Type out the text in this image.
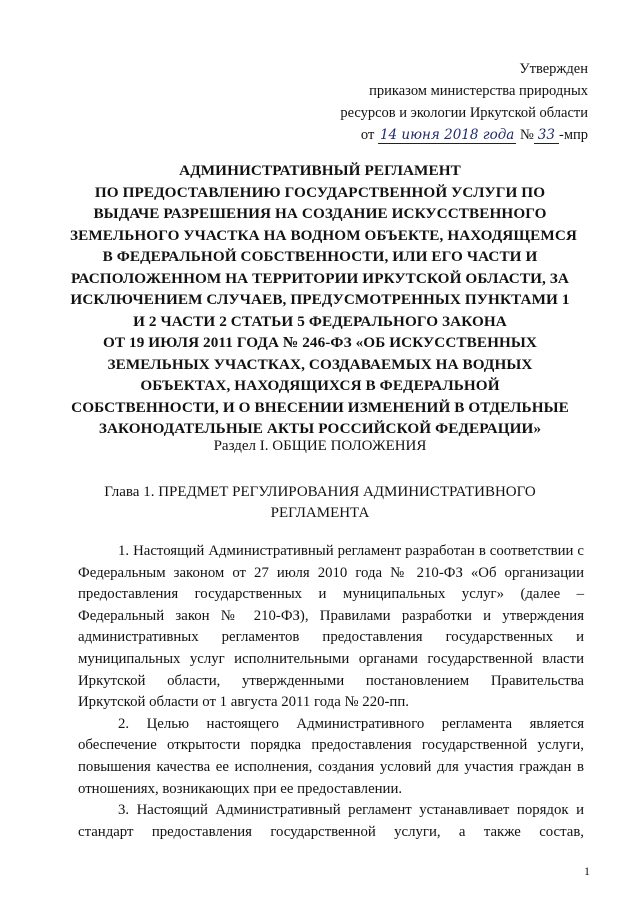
Утвержден
приказом министерства природных
ресурсов и экологии Иркутской области
от 14 июня 2018 года № 33 -мпр
АДМИНИСТРАТИВНЫЙ РЕГЛАМЕНТ
ПО ПРЕДОСТАВЛЕНИЮ ГОСУДАРСТВЕННОЙ УСЛУГИ ПО
ВЫДАЧЕ РАЗРЕШЕНИЯ НА СОЗДАНИЕ ИСКУССТВЕННОГО
ЗЕМЕЛЬНОГО УЧАСТКА НА ВОДНОМ ОБЪЕКТЕ, НАХОДЯЩЕМСЯ
В ФЕДЕРАЛЬНОЙ СОБСТВЕННОСТИ, ИЛИ ЕГО ЧАСТИ И
РАСПОЛОЖЕННОМ НА ТЕРРИТОРИИ ИРКУТСКОЙ ОБЛАСТИ, ЗА
ИСКЛЮЧЕНИЕМ СЛУЧАЕВ, ПРЕДУСМОТРЕННЫХ ПУНКТАМИ 1
И 2 ЧАСТИ 2 СТАТЬИ 5 ФЕДЕРАЛЬНОГО ЗАКОНА
ОТ 19 ИЮЛЯ 2011 ГОДА № 246-ФЗ «ОБ ИСКУССТВЕННЫХ
ЗЕМЕЛЬНЫХ УЧАСТКАХ, СОЗДАВАЕМЫХ НА ВОДНЫХ
ОБЪЕКТАХ, НАХОДЯЩИХСЯ В ФЕДЕРАЛЬНОЙ
СОБСТВЕННОСТИ, И О ВНЕСЕНИИ ИЗМЕНЕНИЙ В ОТДЕЛЬНЫЕ
ЗАКОНОДАТЕЛЬНЫЕ АКТЫ РОССИЙСКОЙ ФЕДЕРАЦИИ»
Раздел I. ОБЩИЕ ПОЛОЖЕНИЯ
Глава 1. ПРЕДМЕТ РЕГУЛИРОВАНИЯ АДМИНИСТРАТИВНОГО
РЕГЛАМЕНТА
1. Настоящий Административный регламент разработан в соответствии с
Федеральным законом от 27 июля 2010 года № 210-ФЗ «Об организации
предоставления государственных и муниципальных услуг» (далее –
Федеральный закон № 210-ФЗ), Правилами разработки и утверждения
административных регламентов предоставления государственных и
муниципальных услуг исполнительными органами государственной власти
Иркутской области, утвержденными постановлением Правительства
Иркутской области от 1 августа 2011 года № 220-пп.
2. Целью настоящего Административного регламента является
обеспечение открытости порядка предоставления государственной услуги,
повышения качества ее исполнения, создания условий для участия граждан в
отношениях, возникающих при ее предоставлении.
3. Настоящий Административный регламент устанавливает порядок и
стандарт предоставления государственной услуги, а также состав,
1
